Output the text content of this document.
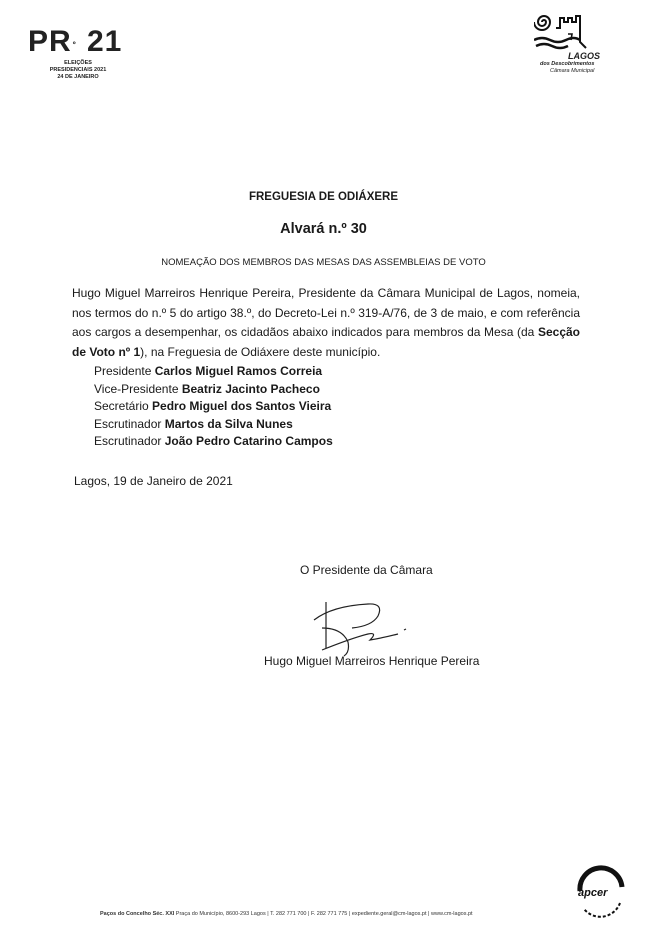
$PR^º$ 21
ELEIÇÕES
PRESIDENCIAIS 2021
24 DE JANEIRO
LAGOS
dos Descobrimentos
Câmara Municipal
FREGUESIA DE ODIÁXERE
Alvará n.º 30
NOMEAÇÃO DOS MEMBROS DAS MESAS DAS ASSEMBLEIAS DE VOTO
Hugo Miguel Marreiros Henrique Pereira, Presidente da Câmara Municipal de Lagos, nomeia, nos termos do n.º 5 do artigo 38.º, do Decreto-Lei n.º 319-A/76, de 3 de maio, e com referência aos cargos a desempenhar, os cidadãos abaixo indicados para membros da Mesa (da Secção de Voto nº 1), na Freguesia de Odiáxere deste município.
Presidente Carlos Miguel Ramos Correia
Vice-Presidente Beatriz Jacinto Pacheco
Secretário Pedro Miguel dos Santos Vieira
Escrutinador Martos da Silva Nunes
Escrutinador João Pedro Catarino Campos
Lagos, 19 de Janeiro de 2021
O Presidente da Câmara
Hugo Miguel Marreiros Henrique Pereira
Paços do Concelho Séc. XXI Praça do Município, 8600-293 Lagos | T. 282 771 700 | F. 282 771 775 | expediente.geral@cm-lagos.pt | www.cm-lagos.pt
apcer
